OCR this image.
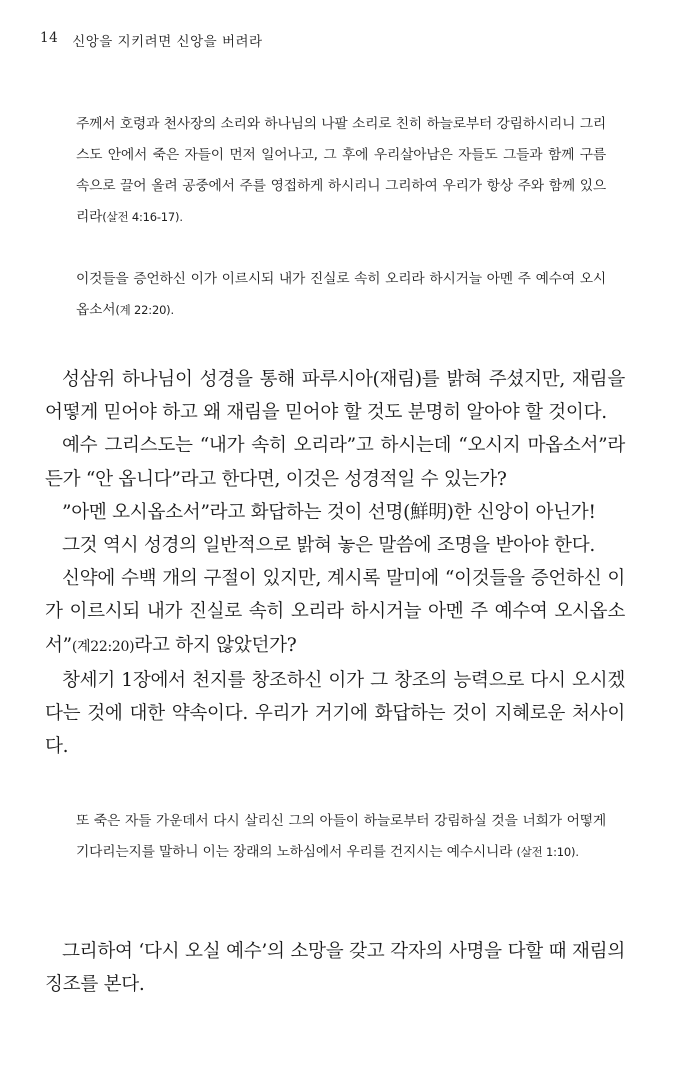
14 신앙을 지키려면 신앙을 버려라
주께서 호령과 천사장의 소리와 하나님의 나팔 소리로 친히 하늘로부터 강림하시리니 그리스도 안에서 죽은 자들이 먼저 일어나고, 그 후에 우리살아남은 자들도 그들과 함께 구름 속으로 끌어 올려 공중에서 주를 영접하게 하시리니 그리하여 우리가 항상 주와 함께 있으리라(살전 4:16-17).
이것들을 증언하신 이가 이르시되 내가 진실로 속히 오리라 하시거늘 아멘 주 예수여 오시옵소서(계 22:20).

성삼위 하나님이 성경을 통해 파루시아(재림)를 밝혀 주셨지만, 재림을 어떻게 믿어야 하고 왜 재림을 믿어야 할 것도 분명히 알아야 할 것이다.

예수 그리스도는 “내가 속히 오리라”고 하시는데 “오시지 마옵소서”라든가 “안 옵니다”라고 한다면, 이것은 성경적일 수 있는가?

”아멘 오시옵소서”라고 화답하는 것이 선명(鮮明)한 신앙이 아닌가!

그것 역시 성경의 일반적으로 밝혀 놓은 말씀에 조명을 받아야 한다.

신약에 수백 개의 구절이 있지만, 계시록 말미에 “이것들을 증언하신 이가 이르시되 내가 진실로 속히 오리라 하시거늘 아멘 주 예수여 오시옵소서”(계22:20)라고 하지 않았던가?

창세기 1장에서 천지를 창조하신 이가 그 창조의 능력으로 다시 오시겠다는 것에 대한 약속이다. 우리가 거기에 화답하는 것이 지혜로운 처사이다.

또 죽은 자들 가운데서 다시 살리신 그의 아들이 하늘로부터 강림하실 것을 너희가 어떻게 기다리는지를 말하니 이는 장래의 노하심에서 우리를 건지시는 예수시니라 (살전 1:10).

그리하여 ‘다시 오실 예수’의 소망을 갖고 각자의 사명을 다할 때 재림의 징조를 본다.
